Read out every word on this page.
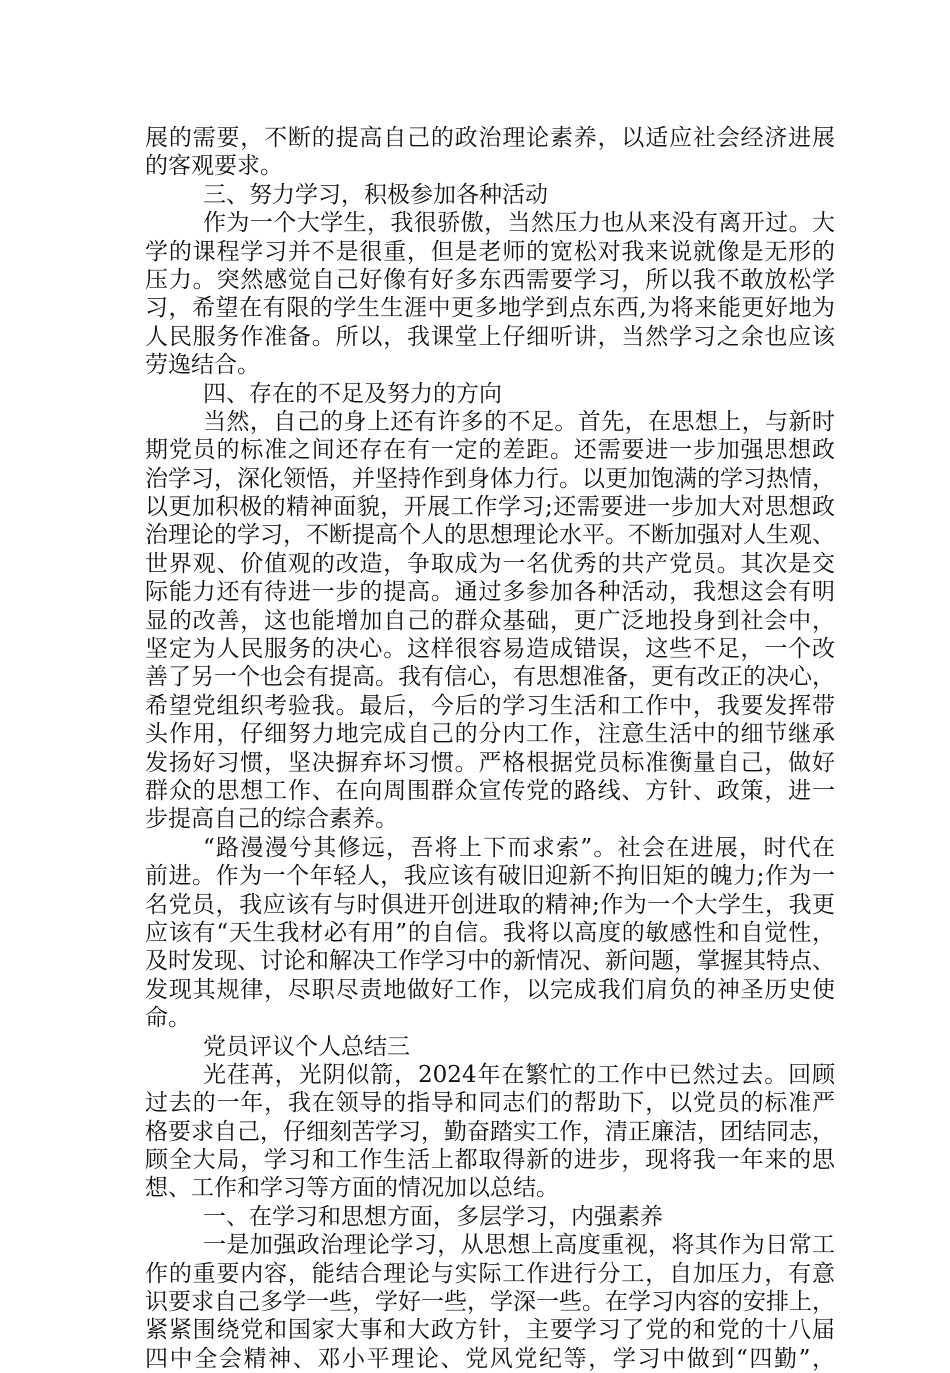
展的需要，不断的提高自己的政治理论素养，以适应社会经济进展
的客观要求。
三、努力学习，积极参加各种活动
作为一个大学生，我很骄傲，当然压力也从来没有离开过。大
学的课程学习并不是很重，但是老师的宽松对我来说就像是无形的
压力。突然感觉自己好像有好多东西需要学习，所以我不敢放松学
习，希望在有限的学生生涯中更多地学到点东西,为将来能更好地为
人民服务作准备。所以，我课堂上仔细听讲，当然学习之余也应该
劳逸结合。
四、存在的不足及努力的方向
当然，自己的身上还有许多的不足。首先，在思想上，与新时
期党员的标准之间还存在有一定的差距。还需要进一步加强思想政
治学习，深化领悟，并坚持作到身体力行。以更加饱满的学习热情，
以更加积极的精神面貌，开展工作学习;还需要进一步加大对思想政
治理论的学习，不断提高个人的思想理论水平。不断加强对人生观、
世界观、价值观的改造，争取成为一名优秀的共产党员。其次是交
际能力还有待进一步的提高。通过多参加各种活动，我想这会有明
显的改善，这也能增加自己的群众基础，更广泛地投身到社会中，
坚定为人民服务的决心。这样很容易造成错误，这些不足，一个改
善了另一个也会有提高。我有信心，有思想准备，更有改正的决心，
希望党组织考验我。最后，今后的学习生活和工作中，我要发挥带
头作用，仔细努力地完成自己的分内工作，注意生活中的细节继承
发扬好习惯，坚决摒弃坏习惯。严格根据党员标准衡量自己，做好
群众的思想工作、在向周围群众宣传党的路线、方针、政策，进一
步提高自己的综合素养。
“路漫漫兮其修远，吾将上下而求索”。社会在进展，时代在
前进。作为一个年轻人，我应该有破旧迎新不拘旧矩的魄力;作为一
名党员，我应该有与时俱进开创进取的精神;作为一个大学生，我更
应该有“天生我材必有用”的自信。我将以高度的敏感性和自觉性，
及时发现、讨论和解决工作学习中的新情况、新问题，掌握其特点、
发现其规律，尽职尽责地做好工作，以完成我们肩负的神圣历史使
命。
党员评议个人总结三
光荏苒，光阴似箭，2024年在繁忙的工作中已然过去。回顾
过去的一年，我在领导的指导和同志们的帮助下，以党员的标准严
格要求自己，仔细刻苦学习，勤奋踏实工作，清正廉洁，团结同志，
顾全大局，学习和工作生活上都取得新的进步，现将我一年来的思
想、工作和学习等方面的情况加以总结。
一、在学习和思想方面，多层学习，内强素养
一是加强政治理论学习，从思想上高度重视，将其作为日常工
作的重要内容，能结合理论与实际工作进行分工，自加压力，有意
识要求自己多学一些，学好一些，学深一些。在学习内容的安排上，
紧紧围绕党和国家大事和大政方针，主要学习了党的和党的十八届
四中全会精神、邓小平理论、党风党纪等，学习中做到“四勤”，
